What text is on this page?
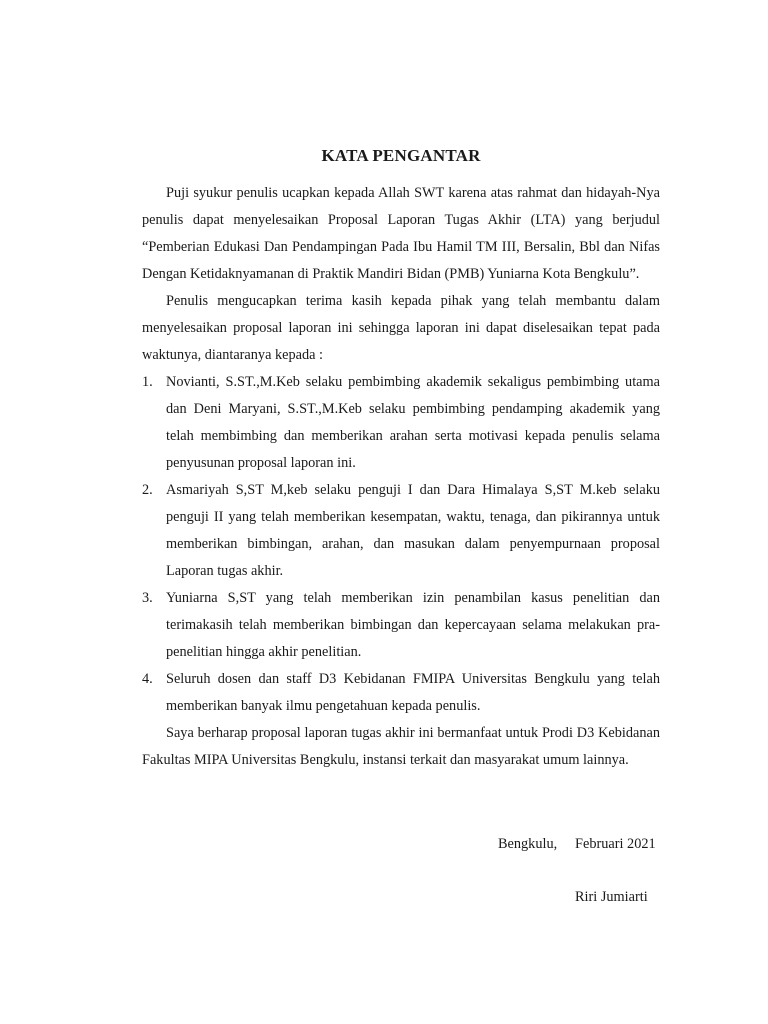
KATA PENGANTAR

Puji syukur penulis ucapkan kepada Allah SWT karena atas rahmat dan hidayah-Nya penulis dapat menyelesaikan Proposal Laporan Tugas Akhir (LTA) yang berjudul “Pemberian Edukasi Dan Pendampingan Pada Ibu Hamil TM III, Bersalin, Bbl dan Nifas Dengan Ketidaknyamanan di Praktik Mandiri Bidan (PMB) Yuniarna Kota Bengkulu”.

Penulis mengucapkan terima kasih kepada pihak yang telah membantu dalam menyelesaikan proposal laporan ini sehingga laporan ini dapat diselesaikan tepat pada waktunya, diantaranya kepada :

1. Novianti, S.ST.,M.Keb selaku pembimbing akademik sekaligus pembimbing utama dan Deni Maryani, S.ST.,M.Keb selaku pembimbing pendamping akademik yang telah membimbing dan memberikan arahan serta motivasi kepada penulis selama penyusunan proposal laporan ini.
2. Asmariyah S,ST M,keb selaku penguji I dan Dara Himalaya S,ST M.keb selaku penguji II yang telah memberikan kesempatan, waktu, tenaga, dan pikirannya untuk memberikan bimbingan, arahan, dan masukan dalam penyempurnaan proposal Laporan tugas akhir.
3. Yuniarna S,ST yang telah memberikan izin penambilan kasus penelitian dan terimakasih telah memberikan bimbingan dan kepercayaan selama melakukan pra-penelitian hingga akhir penelitian.
4. Seluruh dosen dan staff D3 Kebidanan FMIPA Universitas Bengkulu yang telah memberikan banyak ilmu pengetahuan kepada penulis.

Saya berharap proposal laporan tugas akhir ini bermanfaat untuk Prodi D3 Kebidanan Fakultas MIPA Universitas Bengkulu, instansi terkait dan masyarakat umum lainnya.

Bengkulu,     Februari 2021
Riri Jumiarti
